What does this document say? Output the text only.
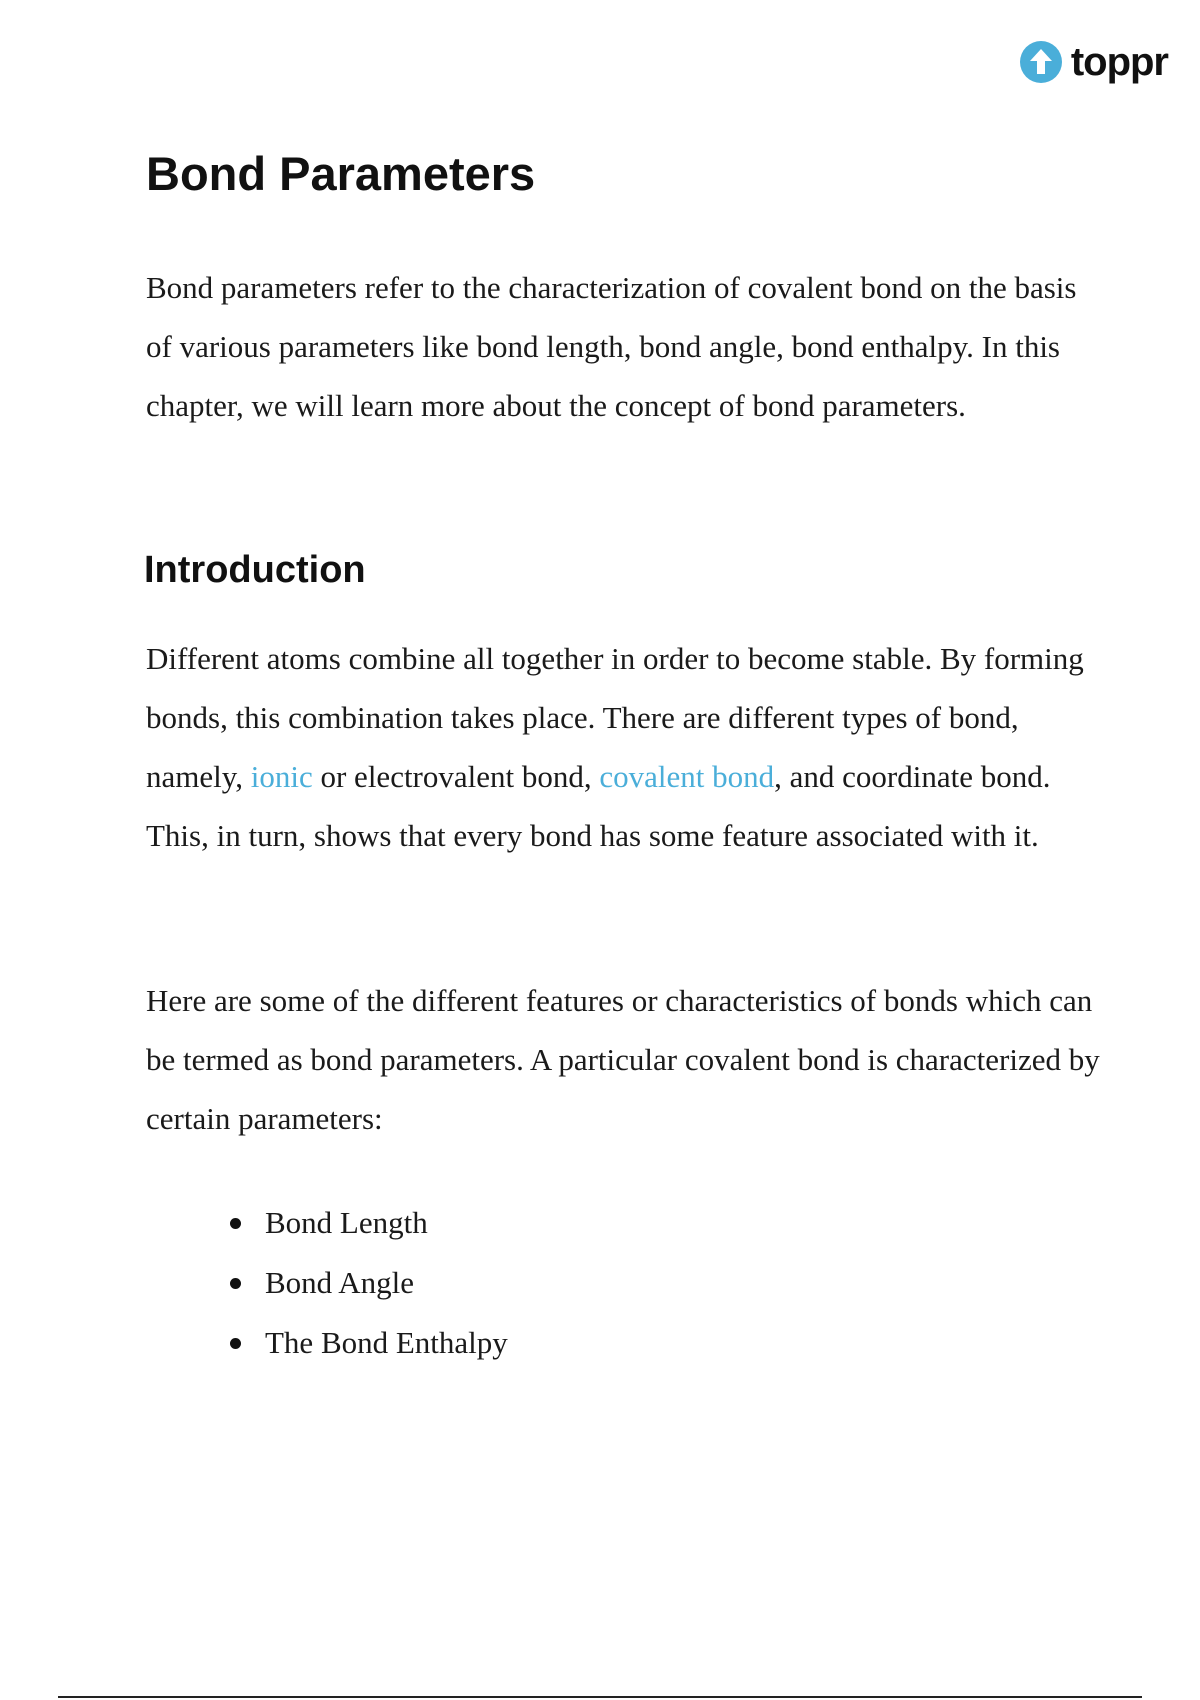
toppr
Bond Parameters

Bond parameters refer to the characterization of covalent bond on the basis of various parameters like bond length, bond angle, bond enthalpy. In this chapter, we will learn more about the concept of bond parameters.

Introduction

Different atoms combine all together in order to become stable. By forming bonds, this combination takes place. There are different types of bond, namely, ionic or electrovalent bond, covalent bond, and coordinate bond. This, in turn, shows that every bond has some feature associated with it.

Here are some of the different features or characteristics of bonds which can be termed as bond parameters. A particular covalent bond is characterized by certain parameters:

Bond Length
Bond Angle
The Bond Enthalpy
